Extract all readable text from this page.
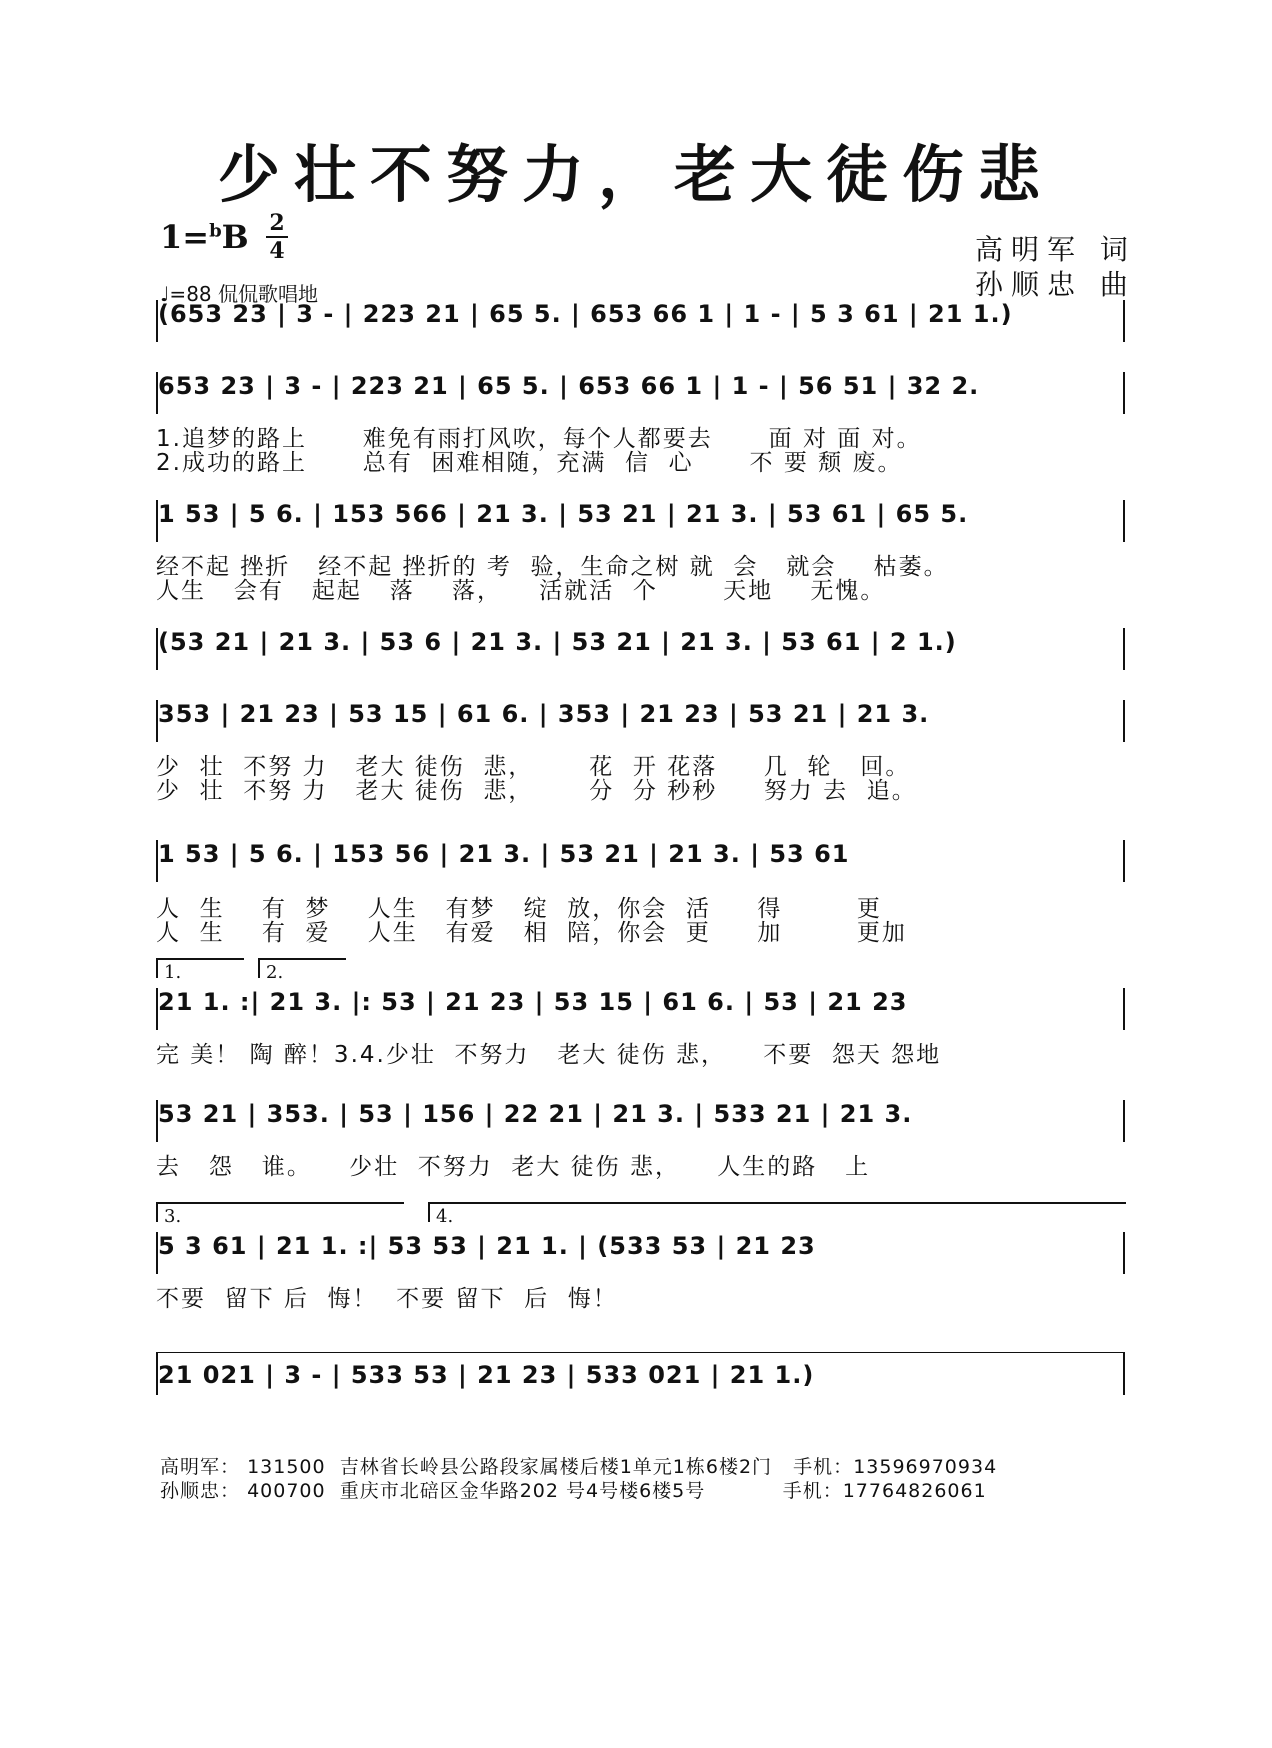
少壮不努力，老大徒伤悲
1=$^b$B 2
4
♩=88 侃侃歌唱地
高明军 词
孙顺忠 曲
(653 23 | 3 - | 223 21 | 65 5. | 653 66 1 | 1 - | 5 3 61 | 21 1.)
653 23 | 3 - | 223 21 | 65 5. | 653 66 1 | 1 - | 56 51 | 32 2.
1.追梦的路上      难免有雨打风吹，每个人都要去      面 对 面 对。
2.成功的路上      总有  困难相随，充满  信  心      不 要 颓 废。
1 53 | 5 6. | 153 566 | 21 3. | 53 21 | 21 3. | 53 61 | 65 5.
经不起 挫折   经不起 挫折的 考  验，生命之树 就  会   就会    枯萎。
人生   会有   起起   落    落，    活就活  个       天地    无愧。
(53 21 | 21 3. | 53 6 | 21 3. | 53 21 | 21 3. | 53 61 | 2 1.)
353 | 21 23 | 53 15 | 61 6. | 353 | 21 23 | 53 21 | 21 3.
少  壮  不努 力   老大 徒伤  悲，      花  开 花落     几  轮   回。
少  壮  不努 力   老大 徒伤  悲，      分  分 秒秒     努力 去  追。
1 53 | 5 6. | 153 56 | 21 3. | 53 21 | 21 3. | 53 61
人  生    有  梦    人生   有梦   绽  放，你会  活     得        更
人  生    有  爱    人生   有爱   相  陪，你会  更     加        更加
1.	2.
21 1. :| 21 3. |: 53 | 21 23 | 53 15 | 61 6. | 53 | 21 23
完 美！ 陶 醉！3.4.少壮  不努力   老大 徒伤 悲，    不要  怨天 怨地
53 21 | 353. | 53 | 156 | 22 21 | 21 3. | 533 21 | 21 3.
去   怨   谁。    少壮  不努力  老大 徒伤 悲，    人生的路   上
3.	4.
5 3 61 | 21 1. :| 53 53 | 21 1. | (533 53 | 21 23
不要  留下 后  悔！  不要 留下  后  悔！
21 021 | 3 - | 533 53 | 21 23 | 533 021 | 21 1.)
高明军： 131500 吉林省长岭县公路段家属楼后楼1单元1栋6楼2门 手机：13596970934
孙顺忠： 400700 重庆市北碚区金华路202 号4号楼6楼5号	手机：17764826061
